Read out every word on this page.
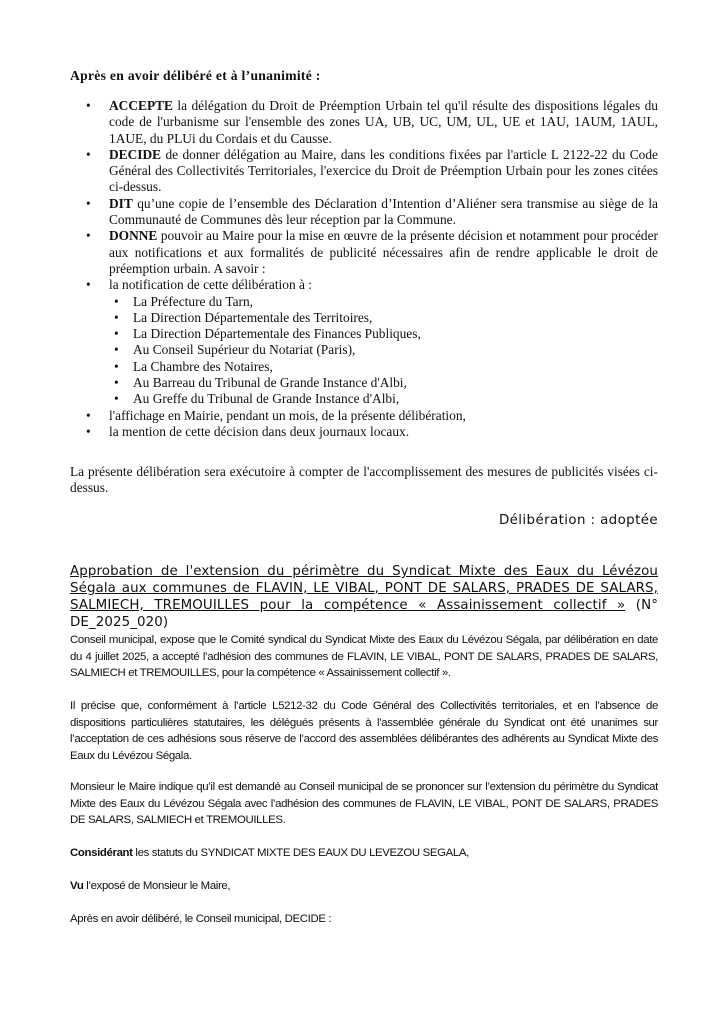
Après en avoir délibéré et à l’unanimité :
• ACCEPTE la délégation du Droit de Préemption Urbain tel qu'il résulte des dispositions légales du code de l'urbanisme sur l'ensemble des zones UA, UB, UC, UM, UL, UE et 1AU, 1AUM, 1AUL, 1AUE, du PLUi du Cordais et du Causse.
• DECIDE de donner délégation au Maire, dans les conditions fixées par l'article L 2122-22 du Code Général des Collectivités Territoriales, l'exercice du Droit de Préemption Urbain pour les zones citées ci-dessus.
• DIT qu’une copie de l’ensemble des Déclaration d’Intention d’Aliéner sera transmise au siège de la Communauté de Communes dès leur réception par la Commune.
• DONNE pouvoir au Maire pour la mise en œuvre de la présente décision et notamment pour procéder aux notifications et aux formalités de publicité nécessaires afin de rendre applicable le droit de préemption urbain. A savoir :
• la notification de cette délibération à :
• La Préfecture du Tarn,
• La Direction Départementale des Territoires,
• La Direction Départementale des Finances Publiques,
• Au Conseil Supérieur du Notariat (Paris),
• La Chambre des Notaires,
• Au Barreau du Tribunal de Grande Instance d'Albi,
• Au Greffe du Tribunal de Grande Instance d'Albi,
• l'affichage en Mairie, pendant un mois, de la présente délibération,
• la mention de cette décision dans deux journaux locaux.

La présente délibération sera exécutoire à compter de l'accomplissement des mesures de publicités visées ci-dessus.

Délibération : adoptée
Approbation de l'extension du périmètre du Syndicat Mixte des Eaux du Lévézou Ségala aux communes de FLAVIN, LE VIBAL, PONT DE SALARS, PRADES DE SALARS, SALMIECH, TREMOUILLES pour la compétence « Assainissement collectif » (N° DE_2025_020)

Conseil municipal, expose que le Comité syndical du Syndicat Mixte des Eaux du Lévézou Ségala, par délibération en date du 4 juillet 2025, a accepté l’adhésion des communes de FLAVIN, LE VIBAL, PONT DE SALARS, PRADES DE SALARS, SALMIECH et TREMOUILLES, pour la compétence « Assainissement collectif ».

Il précise que, conformément à l’article L5212-32 du Code Général des Collectivités territoriales, et en l’absence de dispositions particulières statutaires, les délégués présents à l’assemblée générale du Syndicat ont été unanimes sur l’acceptation de ces adhésions sous réserve de l’accord des assemblées délibérantes des adhérents au Syndicat Mixte des Eaux du Lévézou Ségala.

Monsieur le Maire indique qu’il est demandé au Conseil municipal de se prononcer sur l’extension du périmètre du Syndicat Mixte des Eaux du Lévézou Ségala avec l’adhésion des communes de FLAVIN, LE VIBAL, PONT DE SALARS, PRADES DE SALARS, SALMIECH et TREMOUILLES.

Considérant les statuts du SYNDICAT MIXTE DES EAUX DU LEVEZOU SEGALA,

Vu l’exposé de Monsieur le Maire,

Après en avoir délibéré, le Conseil municipal, DECIDE :
